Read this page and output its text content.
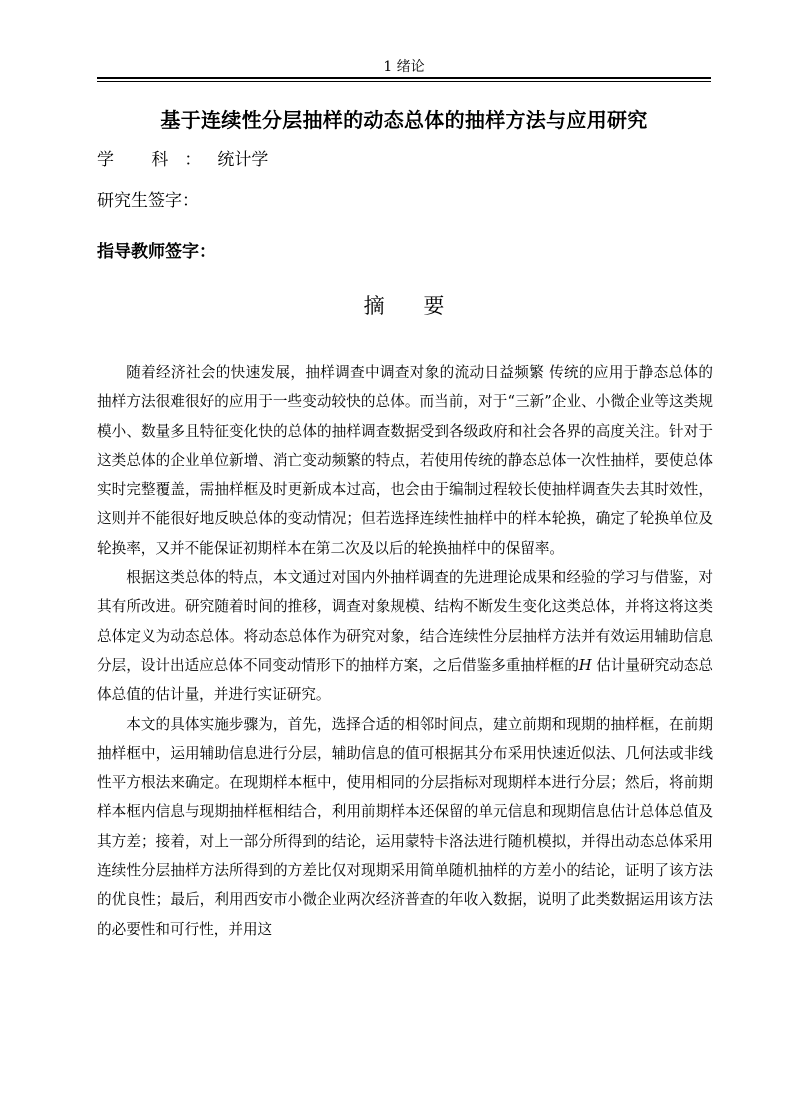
1 绪论
基于连续性分层抽样的动态总体的抽样方法与应用研究
学 科：统计学
研究生签字：
指导教师签字：
摘 要

随着经济社会的快速发展，抽样调查中调查对象的流动日益频繁 传统的应用于静态总体的抽样方法很难很好的应用于一些变动较快的总体。而当前，对于“三新”企业、小微企业等这类规模小、数量多且特征变化快的总体的抽样调查数据受到各级政府和社会各界的高度关注。针对于这类总体的企业单位新增、消亡变动频繁的特点，若使用传统的静态总体一次性抽样，要使总体实时完整覆盖，需抽样框及时更新成本过高，也会由于编制过程较长使抽样调查失去其时效性，这则并不能很好地反映总体的变动情况；但若选择连续性抽样中的样本轮换，确定了轮换单位及轮换率，又并不能保证初期样本在第二次及以后的轮换抽样中的保留率。

根据这类总体的特点，本文通过对国内外抽样调查的先进理论成果和经验的学习与借鉴，对其有所改进。研究随着时间的推移，调查对象规模、结构不断发生变化这类总体，并将这将这类总体定义为动态总体。将动态总体作为研究对象，结合连续性分层抽样方法并有效运用辅助信息分层，设计出适应总体不同变动情形下的抽样方案，之后借鉴多重抽样框的H 估计量研究动态总体总值的估计量，并进行实证研究。

本文的具体实施步骤为，首先，选择合适的相邻时间点，建立前期和现期的抽样框，在前期抽样框中，运用辅助信息进行分层，辅助信息的值可根据其分布采用快速近似法、几何法或非线性平方根法来确定。在现期样本框中，使用相同的分层指标对现期样本进行分层；然后，将前期样本框内信息与现期抽样框相结合，利用前期样本还保留的单元信息和现期信息估计总体总值及其方差；接着，对上一部分所得到的结论，运用蒙特卡洛法进行随机模拟，并得出动态总体采用连续性分层抽样方法所得到的方差比仅对现期采用简单随机抽样的方差小的结论，证明了该方法的优良性；最后，利用西安市小微企业两次经济普查的年收入数据，说明了此类数据运用该方法的必要性和可行性，并用这
